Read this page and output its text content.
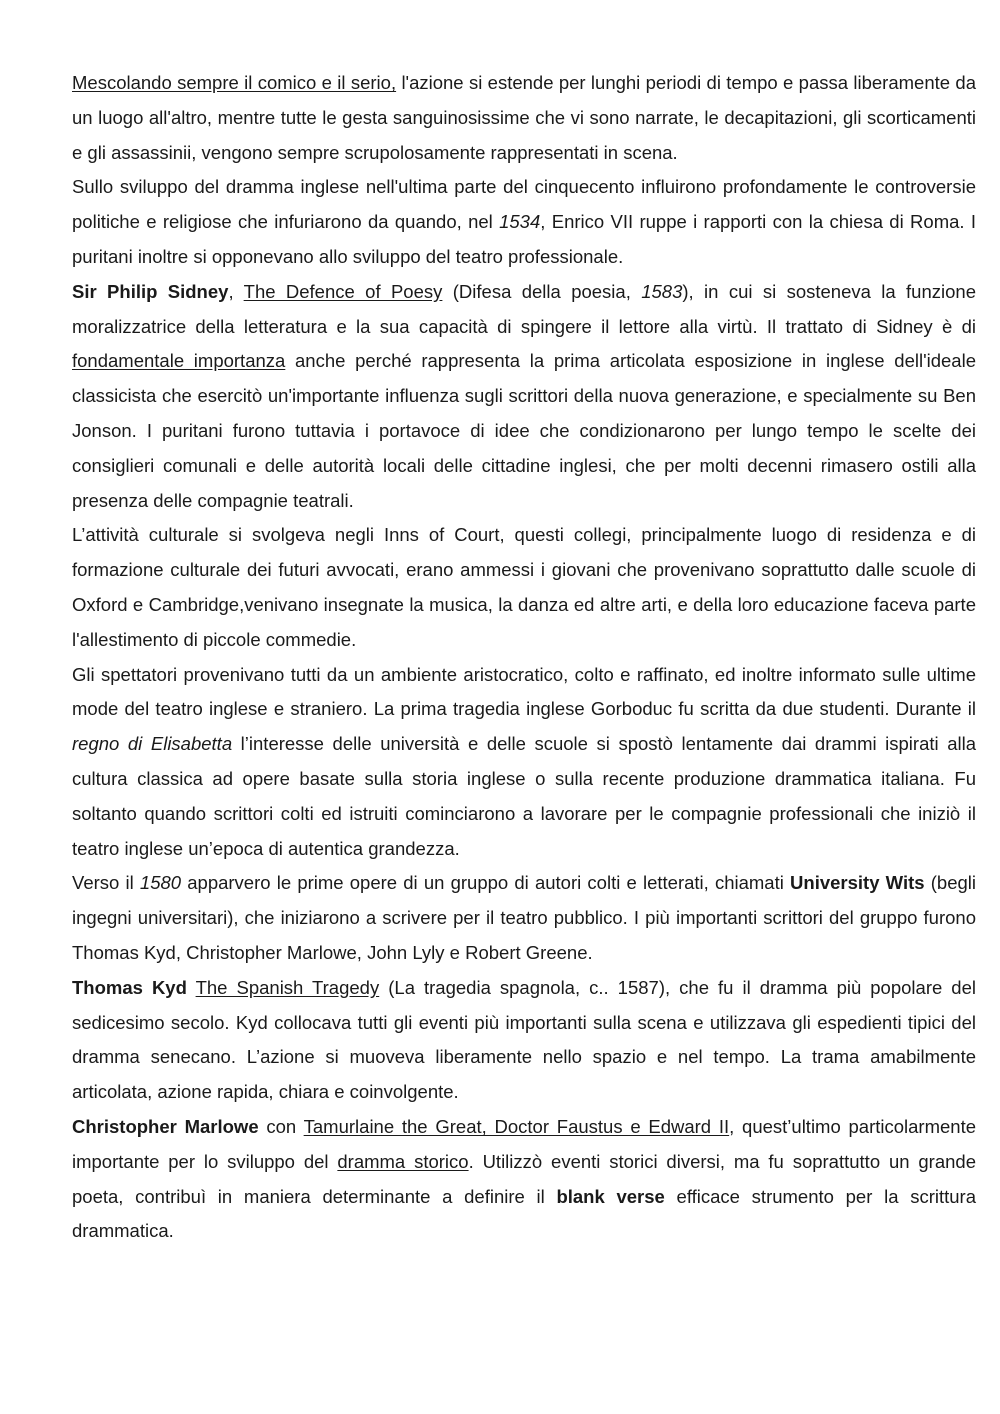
Mescolando sempre il comico e il serio, l'azione si estende per lunghi periodi di tempo e passa liberamente da un luogo all'altro, mentre tutte le gesta sanguinosissime che vi sono narrate, le decapitazioni, gli scorticamenti e gli assassinii, vengono sempre scrupolosamente rappresentati in scena.

Sullo sviluppo del dramma inglese nell'ultima parte del cinquecento influirono profondamente le controversie politiche e religiose che infuriarono da quando, nel 1534, Enrico VII ruppe i rapporti con la chiesa di Roma. I puritani inoltre si opponevano allo sviluppo del teatro professionale.

Sir Philip Sidney, The Defence of Poesy (Difesa della poesia, 1583), in cui si sosteneva la funzione moralizzatrice della letteratura e la sua capacità di spingere il lettore alla virtù. Il trattato di Sidney è di fondamentale importanza anche perché rappresenta la prima articolata esposizione in inglese dell'ideale classicista che esercitò un'importante influenza sugli scrittori della nuova generazione, e specialmente su Ben Jonson. I puritani furono tuttavia i portavoce di idee che condizionarono per lungo tempo le scelte dei consiglieri comunali e delle autorità locali delle cittadine inglesi, che per molti decenni rimasero ostili alla presenza delle compagnie teatrali.

L’attività culturale si svolgeva negli Inns of Court, questi collegi, principalmente luogo di residenza e di formazione culturale dei futuri avvocati, erano ammessi i giovani che provenivano soprattutto dalle scuole di Oxford e Cambridge,venivano insegnate la musica, la danza ed altre arti, e della loro educazione faceva parte l'allestimento di piccole commedie.

Gli spettatori provenivano tutti da un ambiente aristocratico, colto e raffinato, ed inoltre informato sulle ultime mode del teatro inglese e straniero. La prima tragedia inglese Gorboduc fu scritta da due studenti. Durante il regno di Elisabetta l’interesse delle università e delle scuole si spostò lentamente dai drammi ispirati alla cultura classica ad opere basate sulla storia inglese o sulla recente produzione drammatica italiana. Fu soltanto quando scrittori colti ed istruiti cominciarono a lavorare per le compagnie professionali che iniziò il teatro inglese un’epoca di autentica grandezza.

Verso il 1580 apparvero le prime opere di un gruppo di autori colti e letterati, chiamati University Wits (begli ingegni universitari), che iniziarono a scrivere per il teatro pubblico. I più importanti scrittori del gruppo furono Thomas Kyd, Christopher Marlowe, John Lyly e Robert Greene.

Thomas Kyd The Spanish Tragedy (La tragedia spagnola, c.. 1587), che fu il dramma più popolare del sedicesimo secolo. Kyd collocava tutti gli eventi più importanti sulla scena e utilizzava gli espedienti tipici del dramma senecano. L’azione si muoveva liberamente nello spazio e nel tempo. La trama amabilmente articolata, azione rapida, chiara e coinvolgente.

Christopher Marlowe con Tamurlaine the Great, Doctor Faustus e Edward II, quest’ultimo particolarmente importante per lo sviluppo del dramma storico. Utilizzò eventi storici diversi, ma fu soprattutto un grande poeta, contribuì in maniera determinante a definire il blank verse efficace strumento per la scrittura drammatica.
